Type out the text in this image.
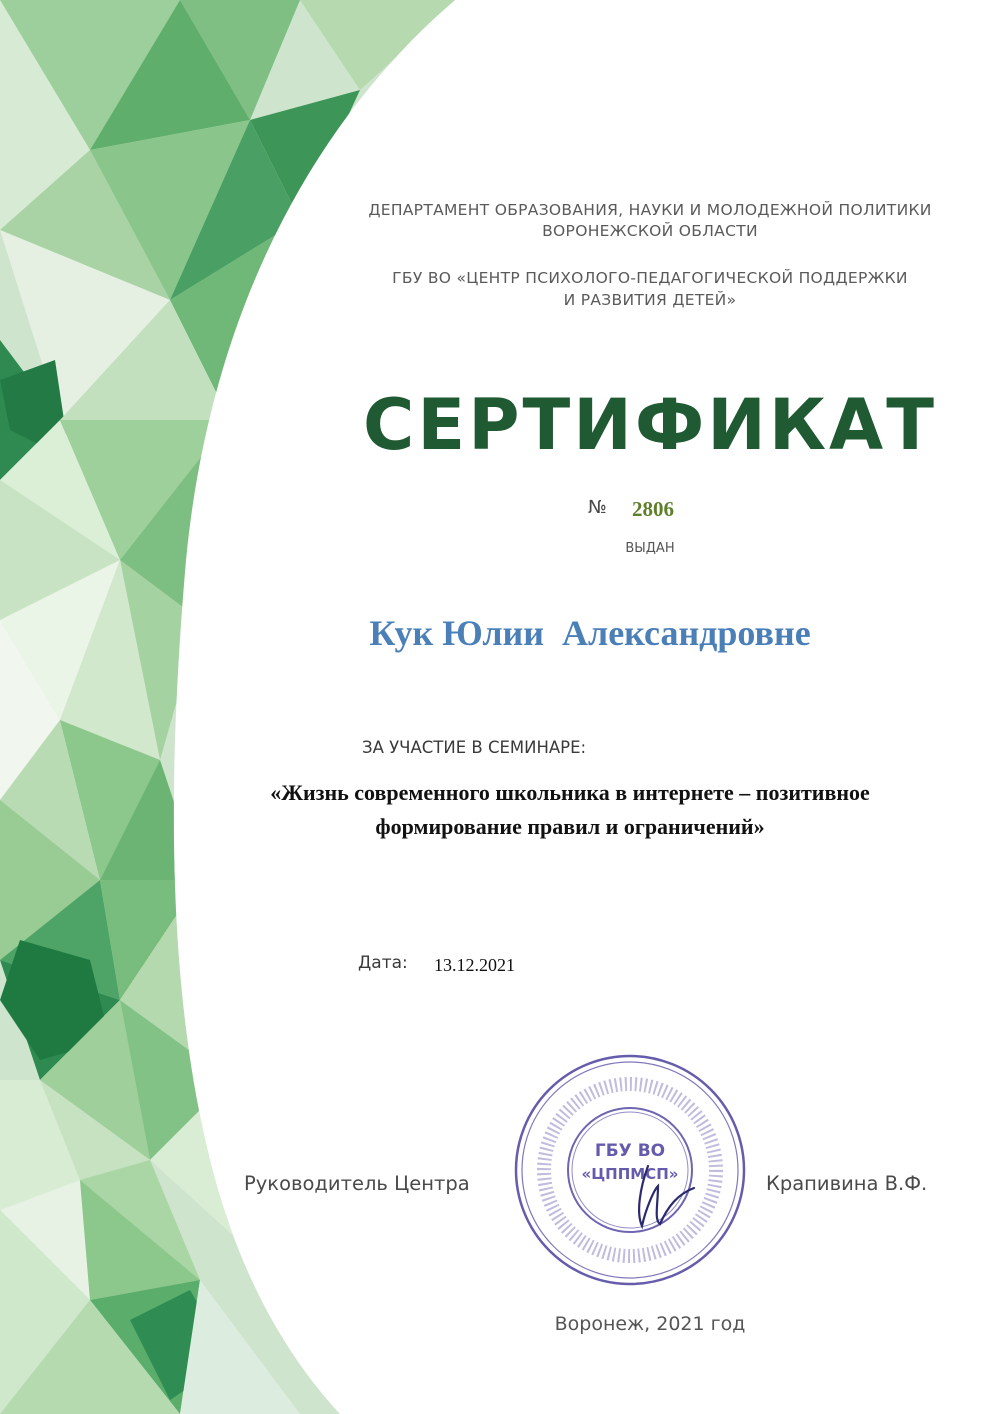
ДЕПАРТАМЕНТ ОБРАЗОВАНИЯ, НАУКИ И МОЛОДЕЖНОЙ ПОЛИТИКИ
ВОРОНЕЖСКОЙ ОБЛАСТИ
ГБУ ВО «ЦЕНТР ПСИХОЛОГО-ПЕДАГОГИЧЕСКОЙ ПОДДЕРЖКИ
И РАЗВИТИЯ ДЕТЕЙ»
СЕРТИФИКАТ
№ 2806
ВЫДАН
Кук Юлии  Александровне
ЗА УЧАСТИЕ В СЕМИНАРЕ:
«Жизнь современного школьника в интернете – позитивное
формирование правил и ограничений»
Дата: 13.12.2021
Руководитель Центра
ГБУ ВО
«ЦППМСП»	Крапивина В.Ф.
Воронеж, 2021 год
